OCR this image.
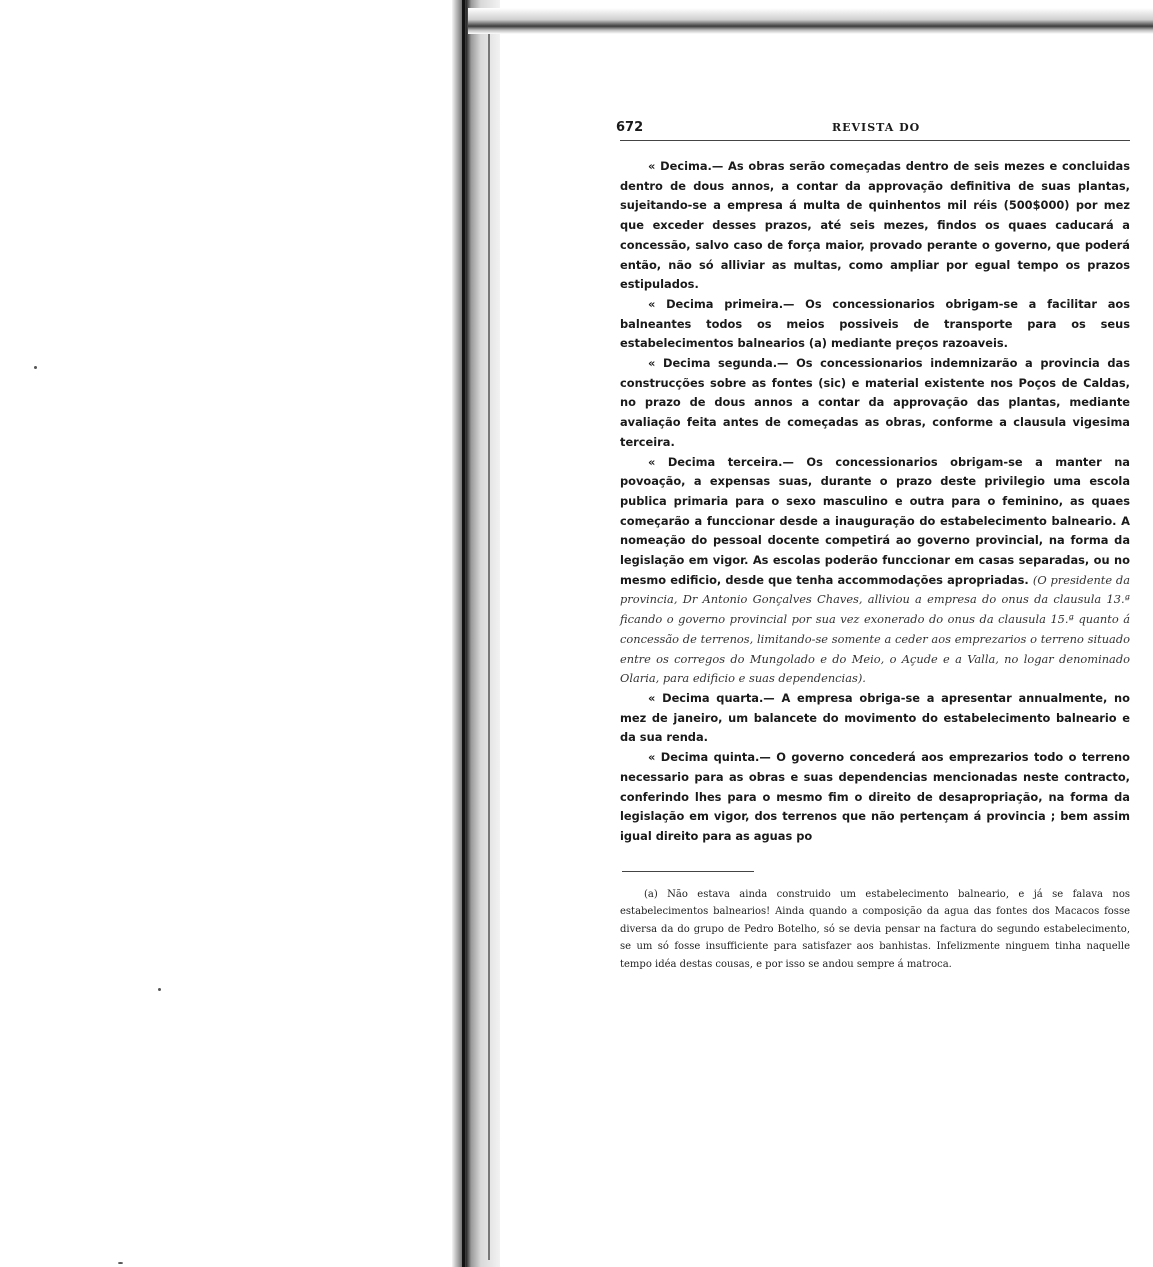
672	REVISTA DO

« Decima.— As obras serão começadas dentro de seis mezes e concluidas dentro de dous annos, a contar da approvação definitiva de suas plantas, sujeitando-se a empresa á multa de quinhentos mil réis (500$000) por mez que exceder desses prazos, até seis mezes, findos os quaes caducará a concessão, salvo caso de força maior, provado perante o governo, que poderá então, não só alliviar as multas, como ampliar por egual tempo os prazos estipulados.

« Decima primeira.— Os concessionarios obrigam-se a facilitar aos balneantes todos os meios possiveis de transporte para os seus estabelecimentos balnearios (a) mediante preços razoaveis.

« Decima segunda.— Os concessionarios indemnizarão a provincia das construcções sobre as fontes (sic) e material existente nos Poços de Caldas, no prazo de dous annos a contar da approvação das plantas, mediante avaliação feita antes de começadas as obras, conforme a clausula vigesima terceira.

« Decima terceira.— Os concessionarios obrigam-se a manter na povoação, a expensas suas, durante o prazo deste privilegio uma escola publica primaria para o sexo masculino e outra para o feminino, as quaes começarão a funccionar desde a inauguração do estabelecimento balneario. A nomeação do pessoal docente competirá ao governo provincial, na forma da legislação em vigor. As escolas poderão funccionar em casas separadas, ou no mesmo edificio, desde que tenha accommodações apropriadas. (O presidente da provincia, Dr Antonio Gonçalves Chaves, alliviou a empresa do onus da clausula 13.ª ficando o governo provincial por sua vez exonerado do onus da clausula 15.ª quanto á concessão de terrenos, limitando-se somente a ceder aos emprezarios o terreno situado entre os corregos do Mungolado e do Meio, o Açude e a Valla, no logar denominado Olaria, para edificio e suas dependencias).

« Decima quarta.— A empresa obriga-se a apresentar annualmente, no mez de janeiro, um balancete do movimento do estabelecimento balneario e da sua renda.

« Decima quinta.— O governo concederá aos emprezarios todo o terreno necessario para as obras e suas dependencias mencionadas neste contracto, conferindo lhes para o mesmo fim o direito de desapropriação, na forma da legislação em vigor, dos terrenos que não pertençam á provincia ; bem assim igual direito para as aguas po

(a) Não estava ainda construido um estabelecimento balneario, e já se falava nos estabelecimentos balnearios! Ainda quando a composição da agua das fontes dos Macacos fosse diversa da do grupo de Pedro Botelho, só se devia pensar na factura do segundo estabelecimento, se um só fosse insufficiente para satisfazer aos banhistas. Infelizmente ninguem tinha naquelle tempo idéa destas cousas, e por isso se andou sempre á matroca.
